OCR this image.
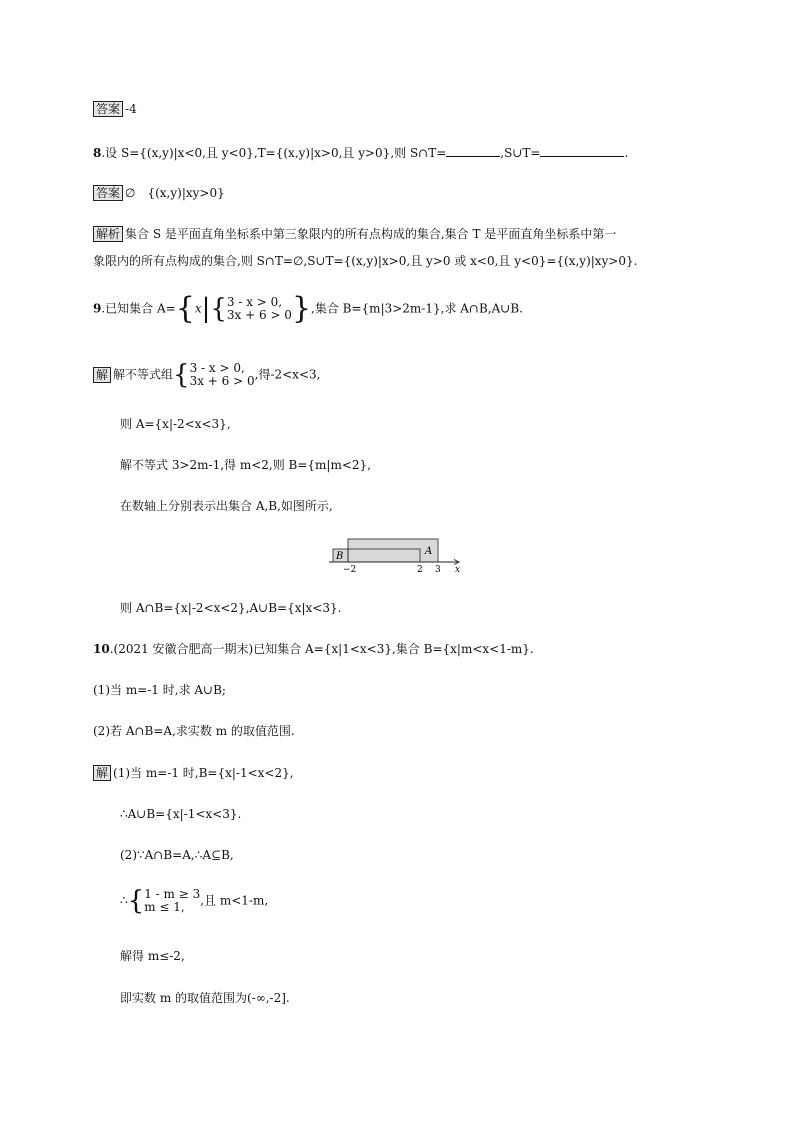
答案 -4
8.设 S={(x,y)|x<0,且 y<0},T={(x,y)|x>0,且 y>0},则 S∩T=	,S∪T=	.
答案 ∅　{(x,y)|xy>0}
解析 集合 S 是平面直角坐标系中第三象限内的所有点构成的集合,集合 T 是平面直角坐标系中第一
象限内的所有点构成的集合,则 S∩T=∅,S∪T={(x,y)|x>0,且 y>0 或 x<0,且 y<0}={(x,y)|xy>0}.
9.已知集合 A={x|{ 3 - x > 0,
3x + 6 > 0 },集合 B={m|3>2m-1},求 A∩B,A∪B.
解 解不等式组{ 3 - x > 0,
3x + 6 > 0 ,得-2<x<3,
则 A={x|-2<x<3},
解不等式 3>2m-1,得 m<2,则 B={m|m<2},
在数轴上分别表示出集合 A,B,如图所示,
B	A
−2	2 3 x
则 A∩B={x|-2<x<2},A∪B={x|x<3}.
10.(2021 安徽合肥高一期末)已知集合 A={x|1<x<3},集合 B={x|m<x<1-m}.
(1)当 m=-1 时,求 A∪B;
(2)若 A∩B=A,求实数 m 的取值范围.
解 (1)当 m=-1 时,B={x|-1<x<2},
∴A∪B={x|-1<x<3}.
(2)∵A∩B=A,∴A⊆B,
∴{ 1 - m ≥ 3
m ≤ 1,	,且 m<1-m,
解得 m≤-2,
即实数 m 的取值范围为(-∞,-2].
